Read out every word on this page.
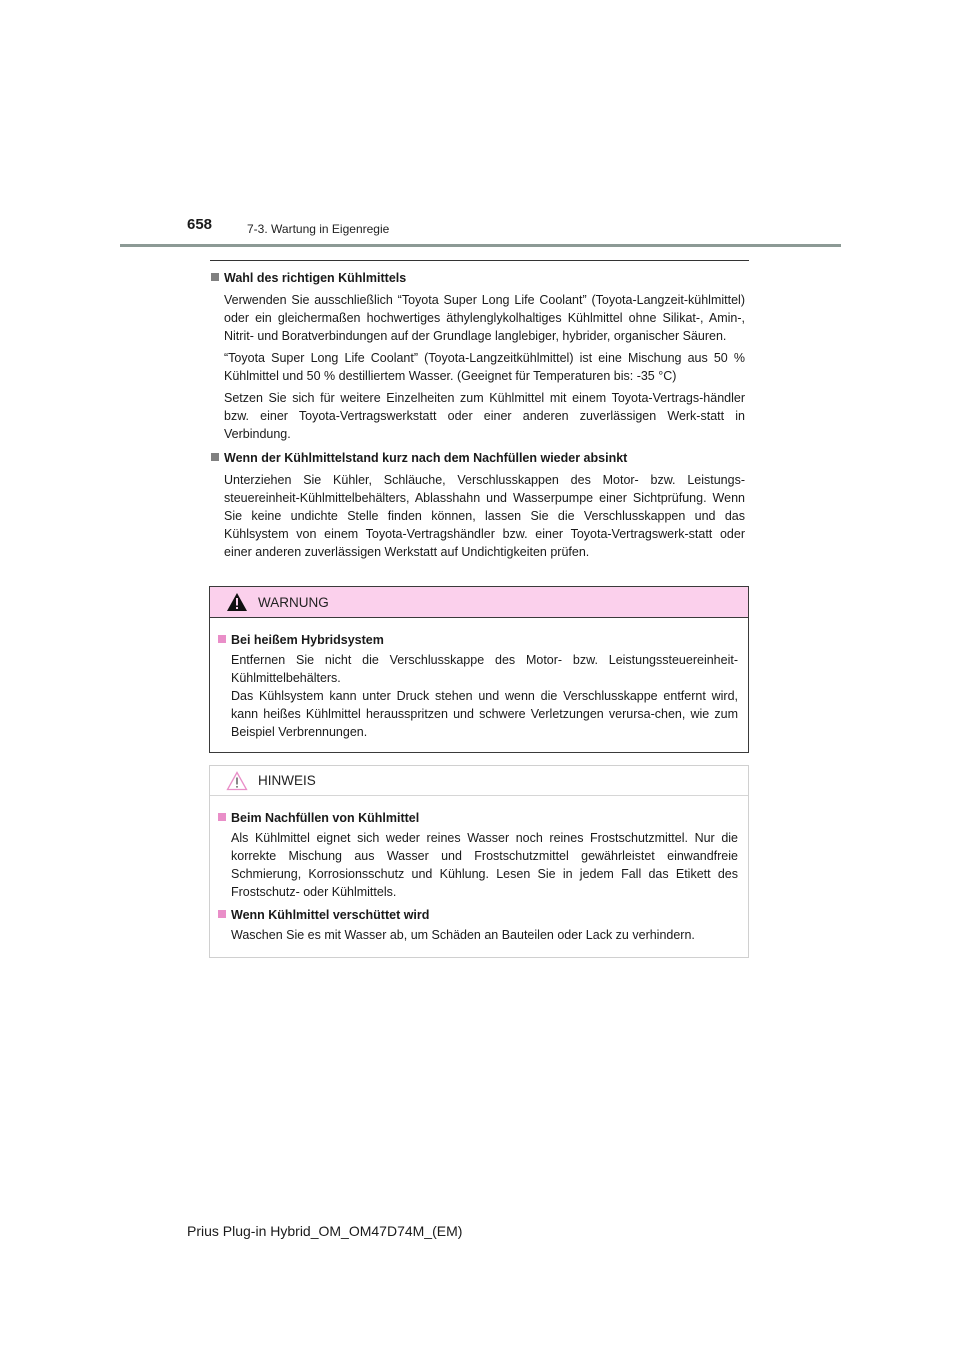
658	7-3. Wartung in Eigenregie
Wahl des richtigen Kühlmittels

Verwenden Sie ausschließlich “Toyota Super Long Life Coolant” (Toyota-Langzeit-kühlmittel) oder ein gleichermaßen hochwertiges äthylenglykolhaltiges Kühlmittel ohne Silikat-, Amin-, Nitrit- und Boratverbindungen auf der Grundlage langlebiger, hybrider, organischer Säuren.

“Toyota Super Long Life Coolant” (Toyota-Langzeitkühlmittel) ist eine Mischung aus 50 % Kühlmittel und 50 % destilliertem Wasser. (Geeignet für Temperaturen bis: -35 °C)

Setzen Sie sich für weitere Einzelheiten zum Kühlmittel mit einem Toyota-Vertrags-händler bzw. einer Toyota-Vertragswerkstatt oder einer anderen zuverlässigen Werk-statt in Verbindung.

Wenn der Kühlmittelstand kurz nach dem Nachfüllen wieder absinkt

Unterziehen Sie Kühler, Schläuche, Verschlusskappen des Motor- bzw. Leistungs-steuereinheit-Kühlmittelbehälters, Ablasshahn und Wasserpumpe einer Sichtprüfung. Wenn Sie keine undichte Stelle finden können, lassen Sie die Verschlusskappen und das Kühlsystem von einem Toyota-Vertragshändler bzw. einer Toyota-Vertragswerk-statt oder einer anderen zuverlässigen Werkstatt auf Undichtigkeiten prüfen.

WARNUNG
Bei heißem Hybridsystem

Entfernen Sie nicht die Verschlusskappe des Motor- bzw. Leistungssteuereinheit-Kühlmittelbehälters.

Das Kühlsystem kann unter Druck stehen und wenn die Verschlusskappe entfernt wird, kann heißes Kühlmittel herausspritzen und schwere Verletzungen verursa-chen, wie zum Beispiel Verbrennungen.

HINWEIS
Beim Nachfüllen von Kühlmittel

Als Kühlmittel eignet sich weder reines Wasser noch reines Frostschutzmittel. Nur die korrekte Mischung aus Wasser und Frostschutzmittel gewährleistet einwandfreie Schmierung, Korrosionsschutz und Kühlung. Lesen Sie in jedem Fall das Etikett des Frostschutz- oder Kühlmittels.

Wenn Kühlmittel verschüttet wird

Waschen Sie es mit Wasser ab, um Schäden an Bauteilen oder Lack zu verhindern.

Prius Plug-in Hybrid_OM_OM47D74M_(EM)
